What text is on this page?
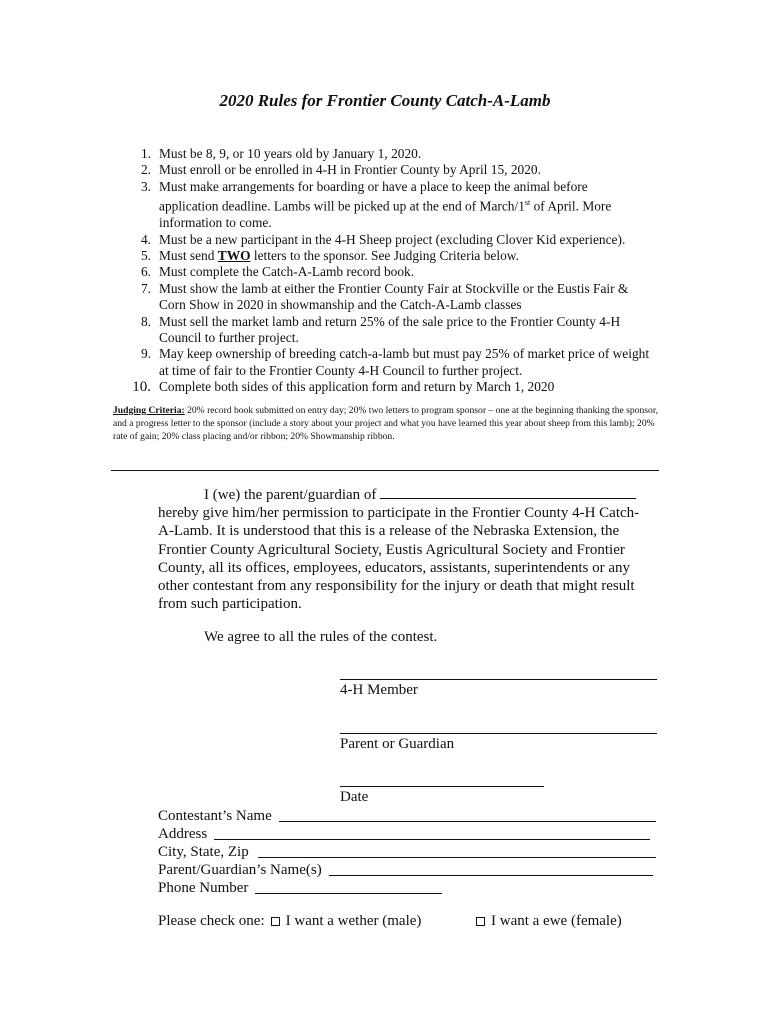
2020 Rules for Frontier County Catch-A-Lamb
1. Must be 8, 9, or 10 years old by January 1, 2020.
2. Must enroll or be enrolled in 4-H in Frontier County by April 15, 2020.
3. Must make arrangements for boarding or have a place to keep the animal before
application deadline. Lambs will be picked up at the end of March/1st of April. More
information to come.
4. Must be a new participant in the 4-H Sheep project (excluding Clover Kid experience).
5. Must send TWO letters to the sponsor. See Judging Criteria below.
6. Must complete the Catch-A-Lamb record book.
7. Must show the lamb at either the Frontier County Fair at Stockville or the Eustis Fair & Corn Show in 2020 in showmanship and the Catch-A-Lamb classes
8. Must sell the market lamb and return 25% of the sale price to the Frontier County 4-H Council to further project.
9. May keep ownership of breeding catch-a-lamb but must pay 25% of market price of weight at time of fair to the Frontier County 4-H Council to further project.
10. Complete both sides of this application form and return by March 1, 2020

Judging Criteria: 20% record book submitted on entry day; 20% two letters to program sponsor – one at the beginning thanking the sponsor, and a progress letter to the sponsor (include a story about your project and what you have learned this year about sheep from this lamb); 20% rate of gain; 20% class placing and/or ribbon; 20% Showmanship ribbon.

I (we) the parent/guardian of  hereby give him/her permission to participate in the Frontier County 4-H Catch-A-Lamb. It is understood that this is a release of the Nebraska Extension, the Frontier County Agricultural Society, Eustis Agricultural Society and Frontier County, all its offices, employees, educators, assistants, superintendents or any other contestant from any responsibility for the injury or death that might result from such participation.

We agree to all the rules of the contest.

4-H Member
Parent or Guardian
Date
Contestant’s Name
Address
City, State, Zip
Parent/Guardian’s Name(s)
Phone Number
Please check one: I want a wether (male)	I want a ewe (female)
